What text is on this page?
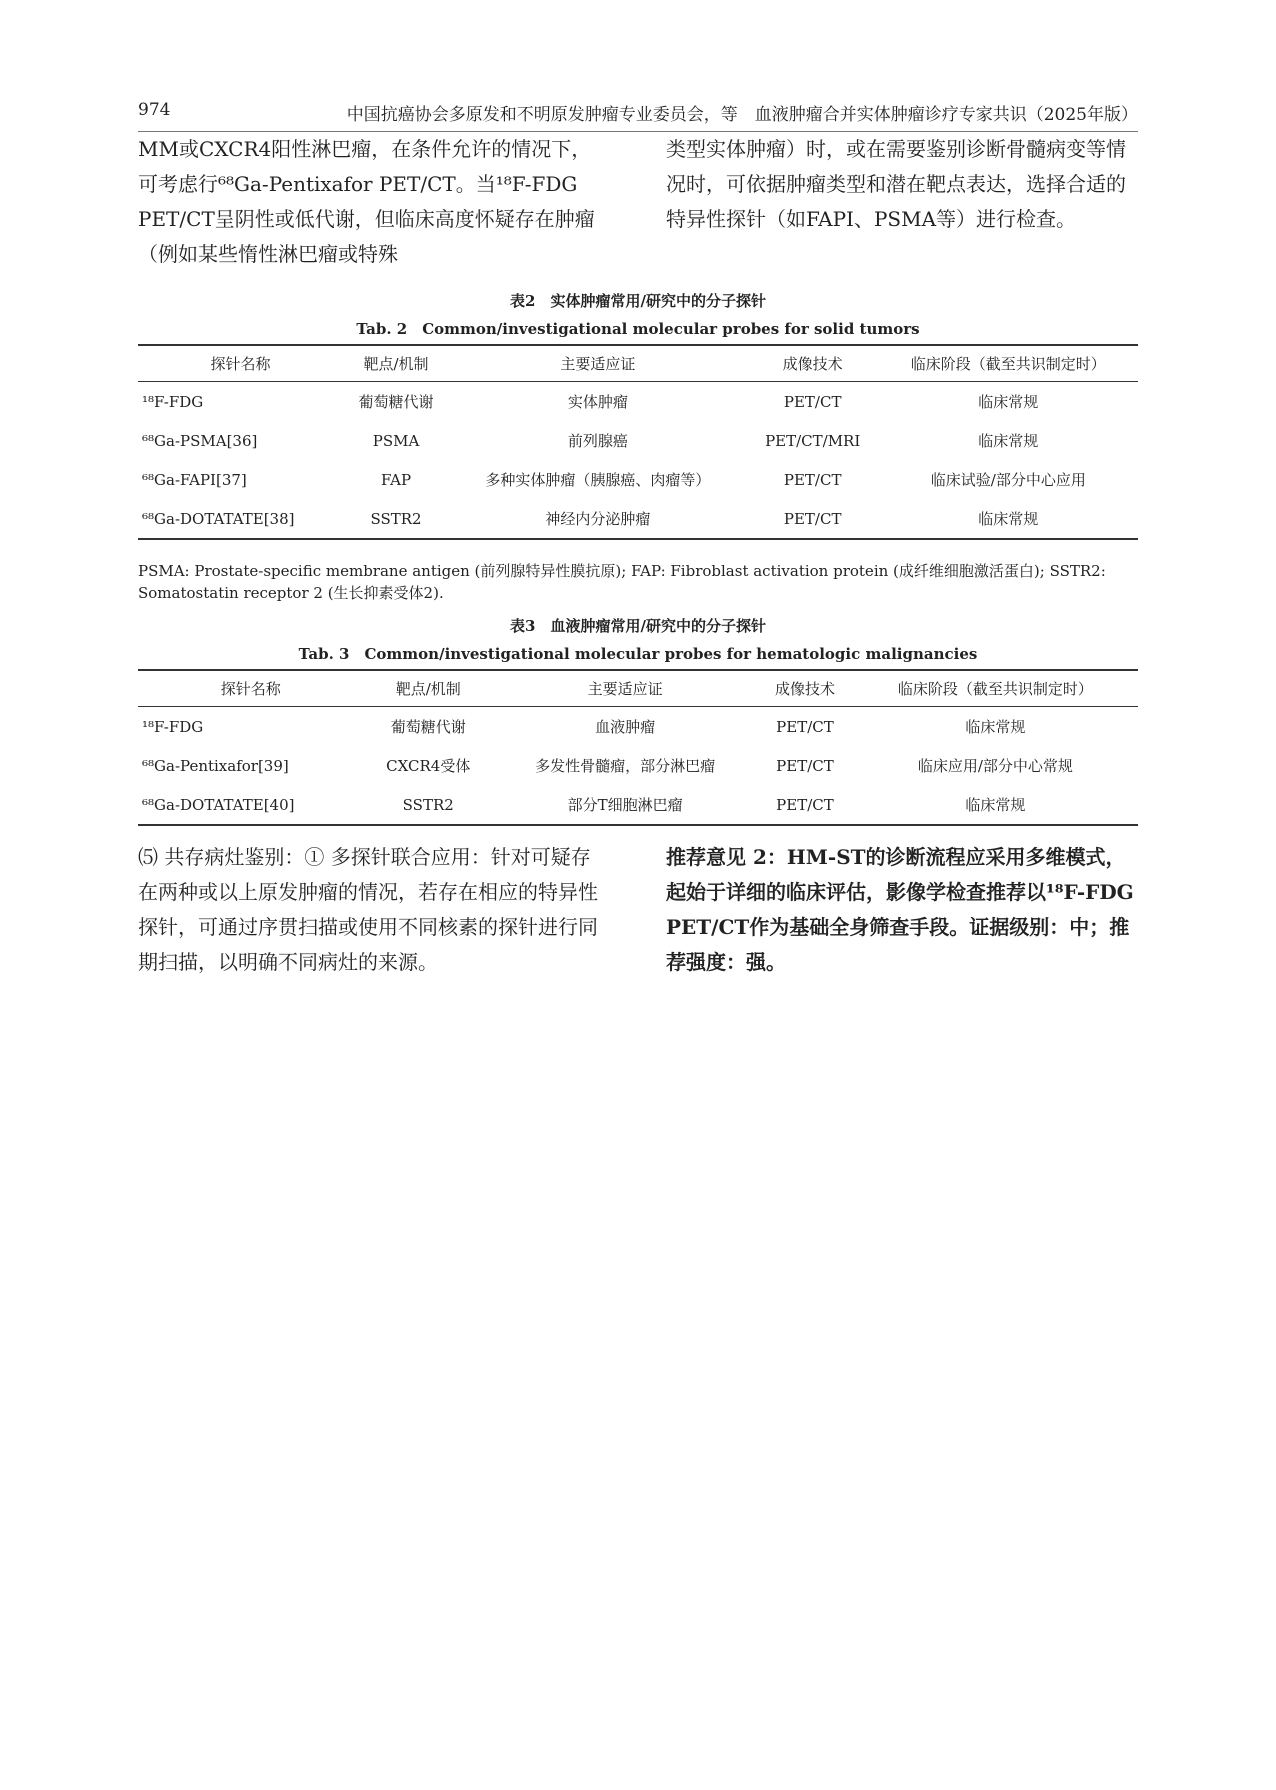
974	中国抗癌协会多原发和不明原发肿瘤专业委员会，等　血液肿瘤合并实体肿瘤诊疗专家共识（2025年版）
MM或CXCR4阳性淋巴瘤，在条件允许的情况下，可考虑行⁶⁸Ga-Pentixafor PET/CT。当¹⁸F-FDG PET/CT呈阴性或低代谢，但临床高度怀疑存在肿瘤（例如某些惰性淋巴瘤或特殊
类型实体肿瘤）时，或在需要鉴别诊断骨髓病变等情况时，可依据肿瘤类型和潜在靶点表达，选择合适的特异性探针（如FAPI、PSMA等）进行检查。
表2　实体肿瘤常用/研究中的分子探针
Tab. 2　Common/investigational molecular probes for solid tumors
探针名称	靶点/机制	主要适应证	成像技术	临床阶段（截至共识制定时）
¹⁸F-FDG	葡萄糖代谢	实体肿瘤	PET/CT	临床常规
⁶⁸Ga-PSMA[36]	PSMA	前列腺癌	PET/CT/MRI	临床常规
⁶⁸Ga-FAPI[37]	FAP	多种实体肿瘤（胰腺癌、肉瘤等）	PET/CT	临床试验/部分中心应用
⁶⁸Ga-DOTATATE[38]	SSTR2	神经内分泌肿瘤	PET/CT	临床常规
PSMA: Prostate-specific membrane antigen (前列腺特异性膜抗原); FAP: Fibroblast activation protein (成纤维细胞激活蛋白); SSTR2: Somatostatin receptor 2 (生长抑素受体2).
表3　血液肿瘤常用/研究中的分子探针
Tab. 3　Common/investigational molecular probes for hematologic malignancies
探针名称	靶点/机制	主要适应证	成像技术	临床阶段（截至共识制定时）
¹⁸F-FDG	葡萄糖代谢	血液肿瘤	PET/CT	临床常规
⁶⁸Ga-Pentixafor[39]	CXCR4受体	多发性骨髓瘤，部分淋巴瘤	PET/CT	临床应用/部分中心常规
⁶⁸Ga-DOTATATE[40]	SSTR2	部分T细胞淋巴瘤	PET/CT	临床常规
⑸ 共存病灶鉴别：① 多探针联合应用：针对可疑存在两种或以上原发肿瘤的情况，若存在相应的特异性探针，可通过序贯扫描或使用不同核素的探针进行同期扫描，以明确不同病灶的来源。
推荐意见 2：HM-ST的诊断流程应采用多维模式，起始于详细的临床评估，影像学检查推荐以¹⁸F-FDG PET/CT作为基础全身筛查手段。证据级别：中；推荐强度：强。
